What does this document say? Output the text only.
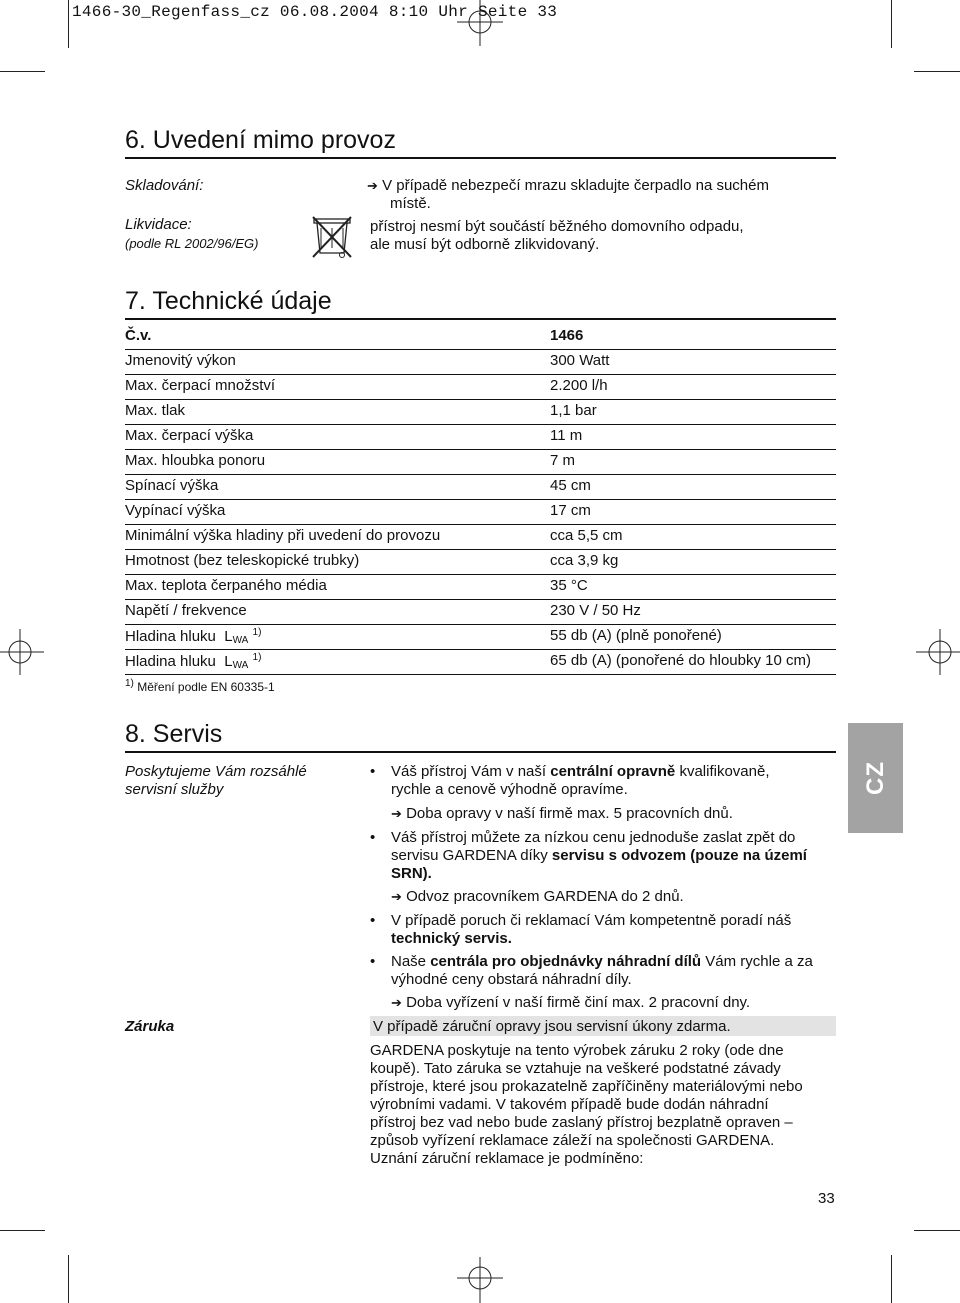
1466-30_Regenfass_cz 06.08.2004 8:10 Uhr Seite 33
6. Uvedení mimo provoz
Skladování:	➔ V případě nebezpečí mrazu skladujte čerpadlo na suchém
místě.
Likvidace:
(podle RL 2002/96/EG)
přístroj nesmí být součástí běžného domovního odpadu,
ale musí být odborně zlikvidovaný.
7. Technické údaje
Č.v.	1466
Jmenovitý výkon	300 Watt
Max. čerpací množství	2.200 l/h
Max. tlak	1,1 bar
Max. čerpací výška	11 m
Max. hloubka ponoru	7 m
Spínací výška	45 cm
Vypínací výška	17 cm
Minimální výška hladiny při uvedení do provozu	cca 5,5 cm
Hmotnost (bez teleskopické trubky)	cca 3,9 kg
Max. teplota čerpaného média	35 °C
Napětí / frekvence	230 V / 50 Hz
Hladina hluku $L_{WA}$ $^{1)}$	55 db (A) (plně ponořené)
Hladina hluku $L_{WA}$ $^{1)}$	65 db (A) (ponořené do hloubky 10 cm)
$^{1)}$ Měření podle EN 60335-1
8. Servis
Poskytujeme Vám rozsáhlé
servisní služby
• Váš přístroj Vám v naší centrální opravně kvalifikovaně,
rychle a cenově výhodně opravíme.
➔ Doba opravy v naší firmě max. 5 pracovních dnů.
• Váš přístroj můžete za nízkou cenu jednoduše zaslat zpět do
servisu GARDENA díky servisu s odvozem (pouze na území
SRN).
➔ Odvoz pracovníkem GARDENA do 2 dnů.
• V případě poruch či reklamací Vám kompetentně poradí náš
technický servis.
• Naše centrála pro objednávky náhradní dílů Vám rychle a za
výhodné ceny obstará náhradní díly.
➔ Doba vyřízení v naší firmě činí max. 2 pracovní dny.
Záruka	V případě záruční opravy jsou servisní úkony zdarma.
GARDENA poskytuje na tento výrobek záruku 2 roky (ode dne
koupě). Tato záruka se vztahuje na veškeré podstatné závady
přístroje, které jsou prokazatelně zapříčiněny materiálovými nebo
výrobními vadami. V takovém případě bude dodán náhradní
přístroj bez vad nebo bude zaslaný přístroj bezplatně opraven –
způsob vyřízení reklamace záleží na společnosti GARDENA.
Uznání záruční reklamace je podmíněno:
CZ
33
